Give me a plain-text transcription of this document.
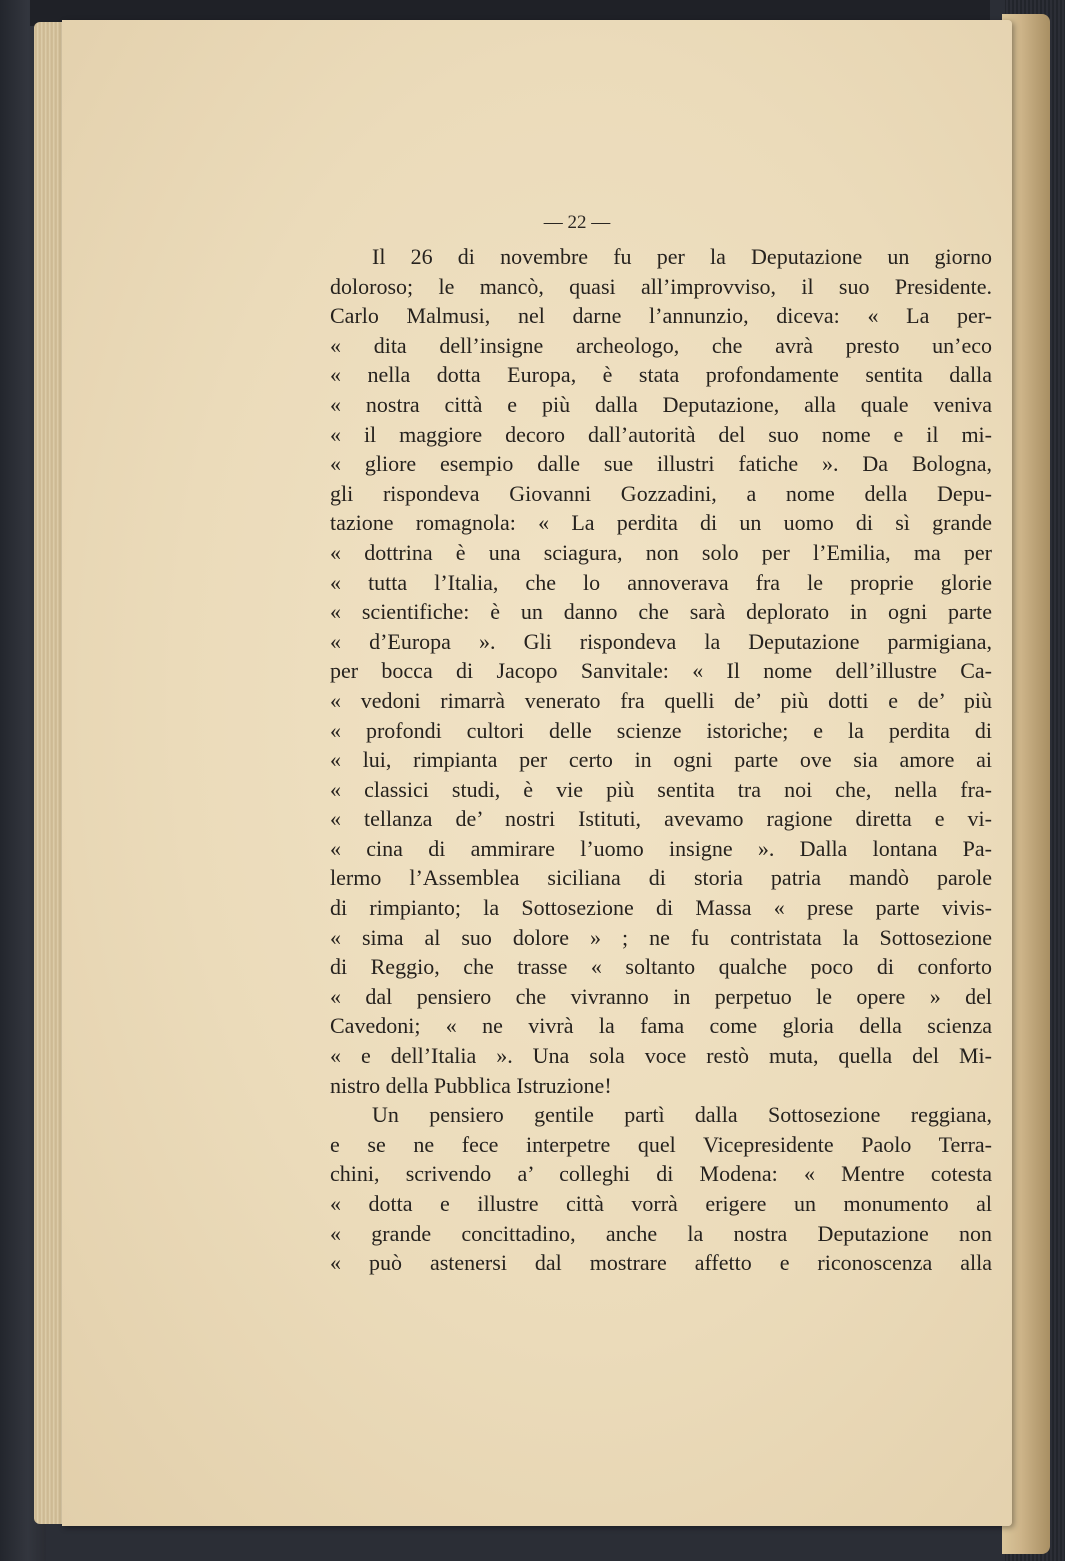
— 22 —
Il 26 di novembre fu per la Deputazione un giorno
doloroso; le mancò, quasi all’improvviso, il suo Presidente.
Carlo Malmusi, nel darne l’annunzio, diceva: « La per-
« dita dell’insigne archeologo, che avrà presto un’eco
« nella dotta Europa, è stata profondamente sentita dalla
« nostra città e più dalla Deputazione, alla quale veniva
« il maggiore decoro dall’autorità del suo nome e il mi-
« gliore esempio dalle sue illustri fatiche ». Da Bologna,
gli rispondeva Giovanni Gozzadini, a nome della Depu-
tazione romagnola: « La perdita di un uomo di sì grande
« dottrina è una sciagura, non solo per l’Emilia, ma per
« tutta l’Italia, che lo annoverava fra le proprie glorie
« scientifiche: è un danno che sarà deplorato in ogni parte
« d’Europa ». Gli rispondeva la Deputazione parmigiana,
per bocca di Jacopo Sanvitale: « Il nome dell’illustre Ca-
« vedoni rimarrà venerato fra quelli de’ più dotti e de’ più
« profondi cultori delle scienze istoriche; e la perdita di
« lui, rimpianta per certo in ogni parte ove sia amore ai
« classici studi, è vie più sentita tra noi che, nella fra-
« tellanza de’ nostri Istituti, avevamo ragione diretta e vi-
« cina di ammirare l’uomo insigne ». Dalla lontana Pa-
lermo l’Assemblea siciliana di storia patria mandò parole
di rimpianto; la Sottosezione di Massa « prese parte vivis-
« sima al suo dolore » ; ne fu contristata la Sottosezione
di Reggio, che trasse « soltanto qualche poco di conforto
« dal pensiero che vivranno in perpetuo le opere » del
Cavedoni; « ne vivrà la fama come gloria della scienza
« e dell’Italia ». Una sola voce restò muta, quella del Mi-
nistro della Pubblica Istruzione!
Un pensiero gentile partì dalla Sottosezione reggiana,
e se ne fece interpetre quel Vicepresidente Paolo Terra-
chini, scrivendo a’ colleghi di Modena: « Mentre cotesta
« dotta e illustre città vorrà erigere un monumento al
« grande concittadino, anche la nostra Deputazione non
« può astenersi dal mostrare affetto e riconoscenza alla
